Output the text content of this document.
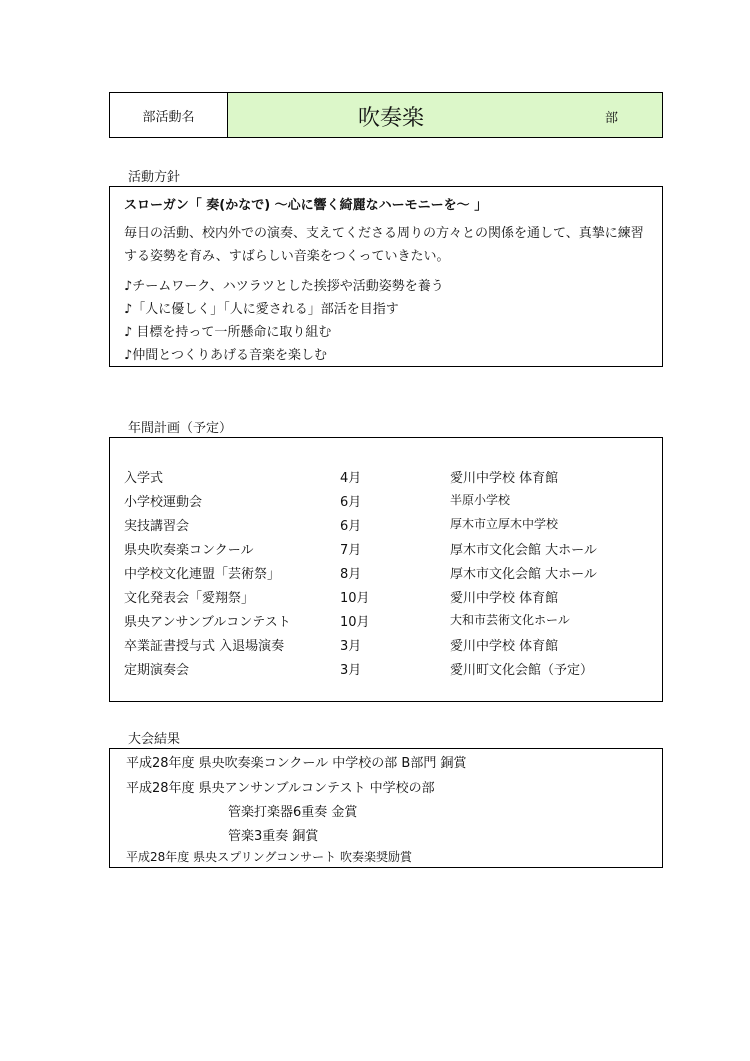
部活動名	吹奏楽	部
活動方針
スローガン「 奏(かなで) ～心に響く綺麗なハーモニーを～ 」
毎日の活動、校内外での演奏、支えてくださる周りの方々との関係を通して、真摯に練習する姿勢を育み、すばらしい音楽をつくっていきたい。
♪チームワーク、ハツラツとした挨拶や活動姿勢を養う
♪「人に優しく」「人に愛される」部活を目指す
♪ 目標を持って一所懸命に取り組む
♪仲間とつくりあげる音楽を楽しむ
年間計画（予定）
入学式	4月	愛川中学校 体育館
小学校運動会	6月	半原小学校
実技講習会	6月	厚木市立厚木中学校
県央吹奏楽コンクール	7月	厚木市文化会館 大ホール
中学校文化連盟「芸術祭」	8月	厚木市文化会館 大ホール
文化発表会「愛翔祭」	10月	愛川中学校 体育館
県央アンサンブルコンテスト	10月	大和市芸術文化ホール
卒業証書授与式 入退場演奏	3月	愛川中学校 体育館
定期演奏会	3月	愛川町文化会館（予定）
大会結果
平成28年度 県央吹奏楽コンクール 中学校の部 B部門 銅賞
平成28年度 県央アンサンブルコンテスト 中学校の部
管楽打楽器6重奏 金賞
管楽3重奏 銅賞
平成28年度 県央スプリングコンサート 吹奏楽奨励賞
